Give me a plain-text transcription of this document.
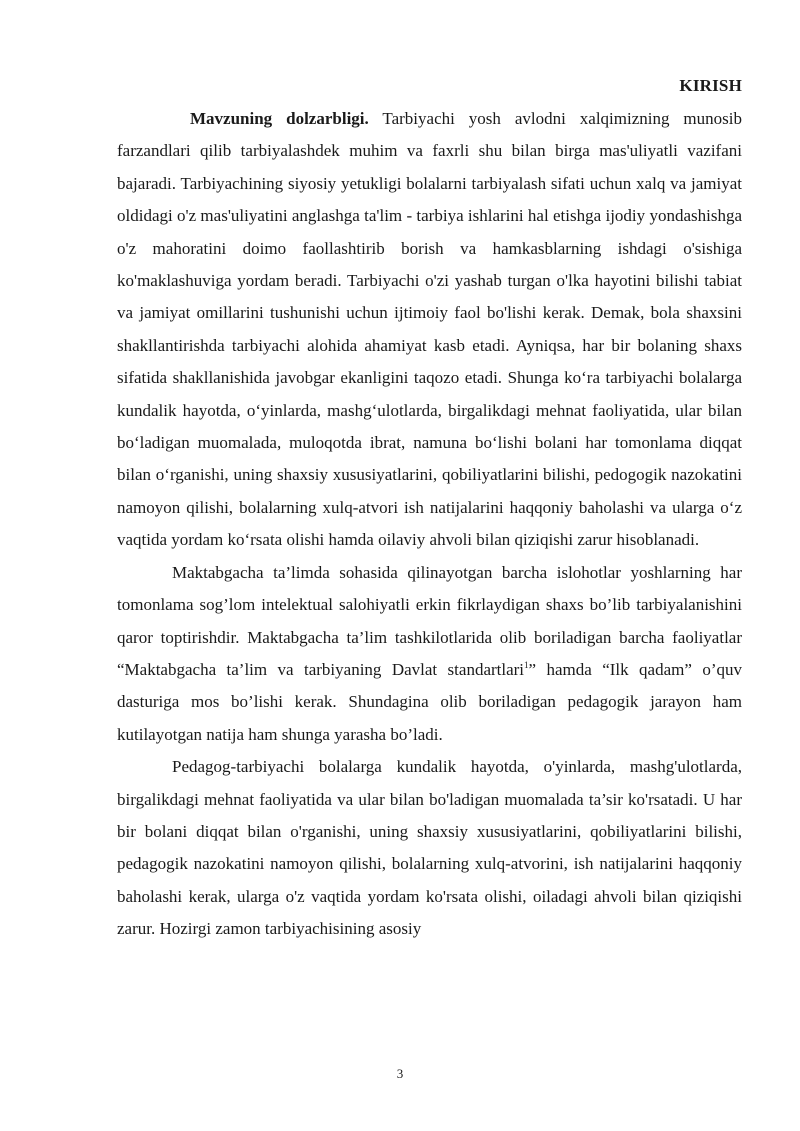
KIRISH

Mavzuning dolzarbligi. Tarbiyachi yosh avlodni xalqimizning munosib farzandlari qilib tarbiyalashdek muhim va faxrli shu bilan birga mas'uliyatli vazifani bajaradi. Tarbiyachining siyosiy yetukligi bolalarni tarbiyalash sifati uchun xalq va jamiyat oldidagi o'z mas'uliyatini anglashga ta'lim - tarbiya ishlarini hal etishga ijodiy yondashishga o'z mahoratini doimo faollashtirib borish va hamkasblarning ishdagi o'sishiga ko'maklashuviga yordam beradi. Tarbiyachi o'zi yashab turgan o'lka hayotini bilishi tabiat va jamiyat omillarini tushunishi uchun ijtimoiy faol bo'lishi kerak. Demak, bola shaxsini shakllantirishda tarbiyachi alohida ahamiyat kasb etadi. Ayniqsa, har bir bolaning shaxs sifatida shakllanishida javobgar ekanligini taqozo etadi. Shunga ko‘ra tarbiyachi bolalarga kundalik hayotda, o‘yinlarda, mashg‘ulotlarda, birgalikdagi mehnat faoliyatida, ular bilan bo‘ladigan muomalada, muloqotda ibrat, namuna bo‘lishi bolani har tomonlama diqqat bilan o‘rganishi, uning shaxsiy xususiyatlarini, qobiliyatlarini bilishi, pedogogik nazokatini namoyon qilishi, bolalarning xulq-atvori ish natijalarini haqqoniy baholashi va ularga o‘z vaqtida yordam ko‘rsata olishi hamda oilaviy ahvoli bilan qiziqishi zarur hisoblanadi.

Maktabgacha ta’limda sohasida qilinayotgan barcha islohotlar yoshlarning har tomonlama sog’lom intelektual salohiyatli erkin fikrlaydigan shaxs bo’lib tarbiyalanishini qaror toptirishdir. Maktabgacha ta’lim tashkilotlarida olib boriladigan barcha faoliyatlar “Maktabgacha ta’lim va tarbiyaning Davlat standartlari$^1$” hamda “Ilk qadam” o’quv dasturiga mos bo’lishi kerak. Shundagina olib boriladigan pedagogik jarayon ham kutilayotgan natija ham shunga yarasha bo’ladi.

Pedagog-tarbiyachi bolalarga kundalik hayotda, o'yinlarda, mashg'ulotlarda, birgalikdagi mehnat faoliyatida va ular bilan bo'ladigan muomalada ta’sir ko'rsatadi. U har bir bolani diqqat bilan o'rganishi, uning shaxsiy xususiyatlarini, qobiliyatlarini bilishi, pedagogik nazokatini namoyon qilishi, bolalarning xulq-atvorini, ish natijalarini haqqoniy baholashi kerak, ularga o'z vaqtida yordam ko'rsata olishi, oiladagi ahvoli bilan qiziqishi zarur. Hozirgi zamon tarbiyachisining asosiy

3
